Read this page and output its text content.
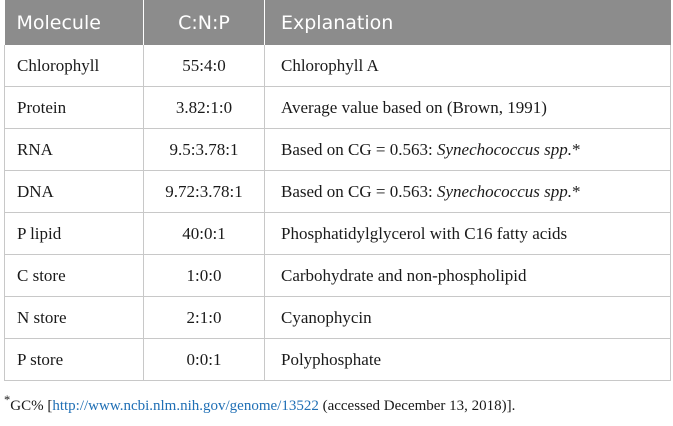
Molecule	C:N:P	Explanation
Chlorophyll	55:4:0	Chlorophyll A
Protein	3.82:1:0	Average value based on (Brown, 1991)
RNA	9.5:3.78:1	Based on CG = 0.563: Synechococcus spp.*
DNA	9.72:3.78:1	Based on CG = 0.563: Synechococcus spp.*
P lipid	40:0:1	Phosphatidylglycerol with C16 fatty acids
C store	1:0:0	Carbohydrate and non-phospholipid
N store	2:1:0	Cyanophycin
P store	0:0:1	Polyphosphate
*GC% [http://www.ncbi.nlm.nih.gov/genome/13522 (accessed December 13, 2018)].
